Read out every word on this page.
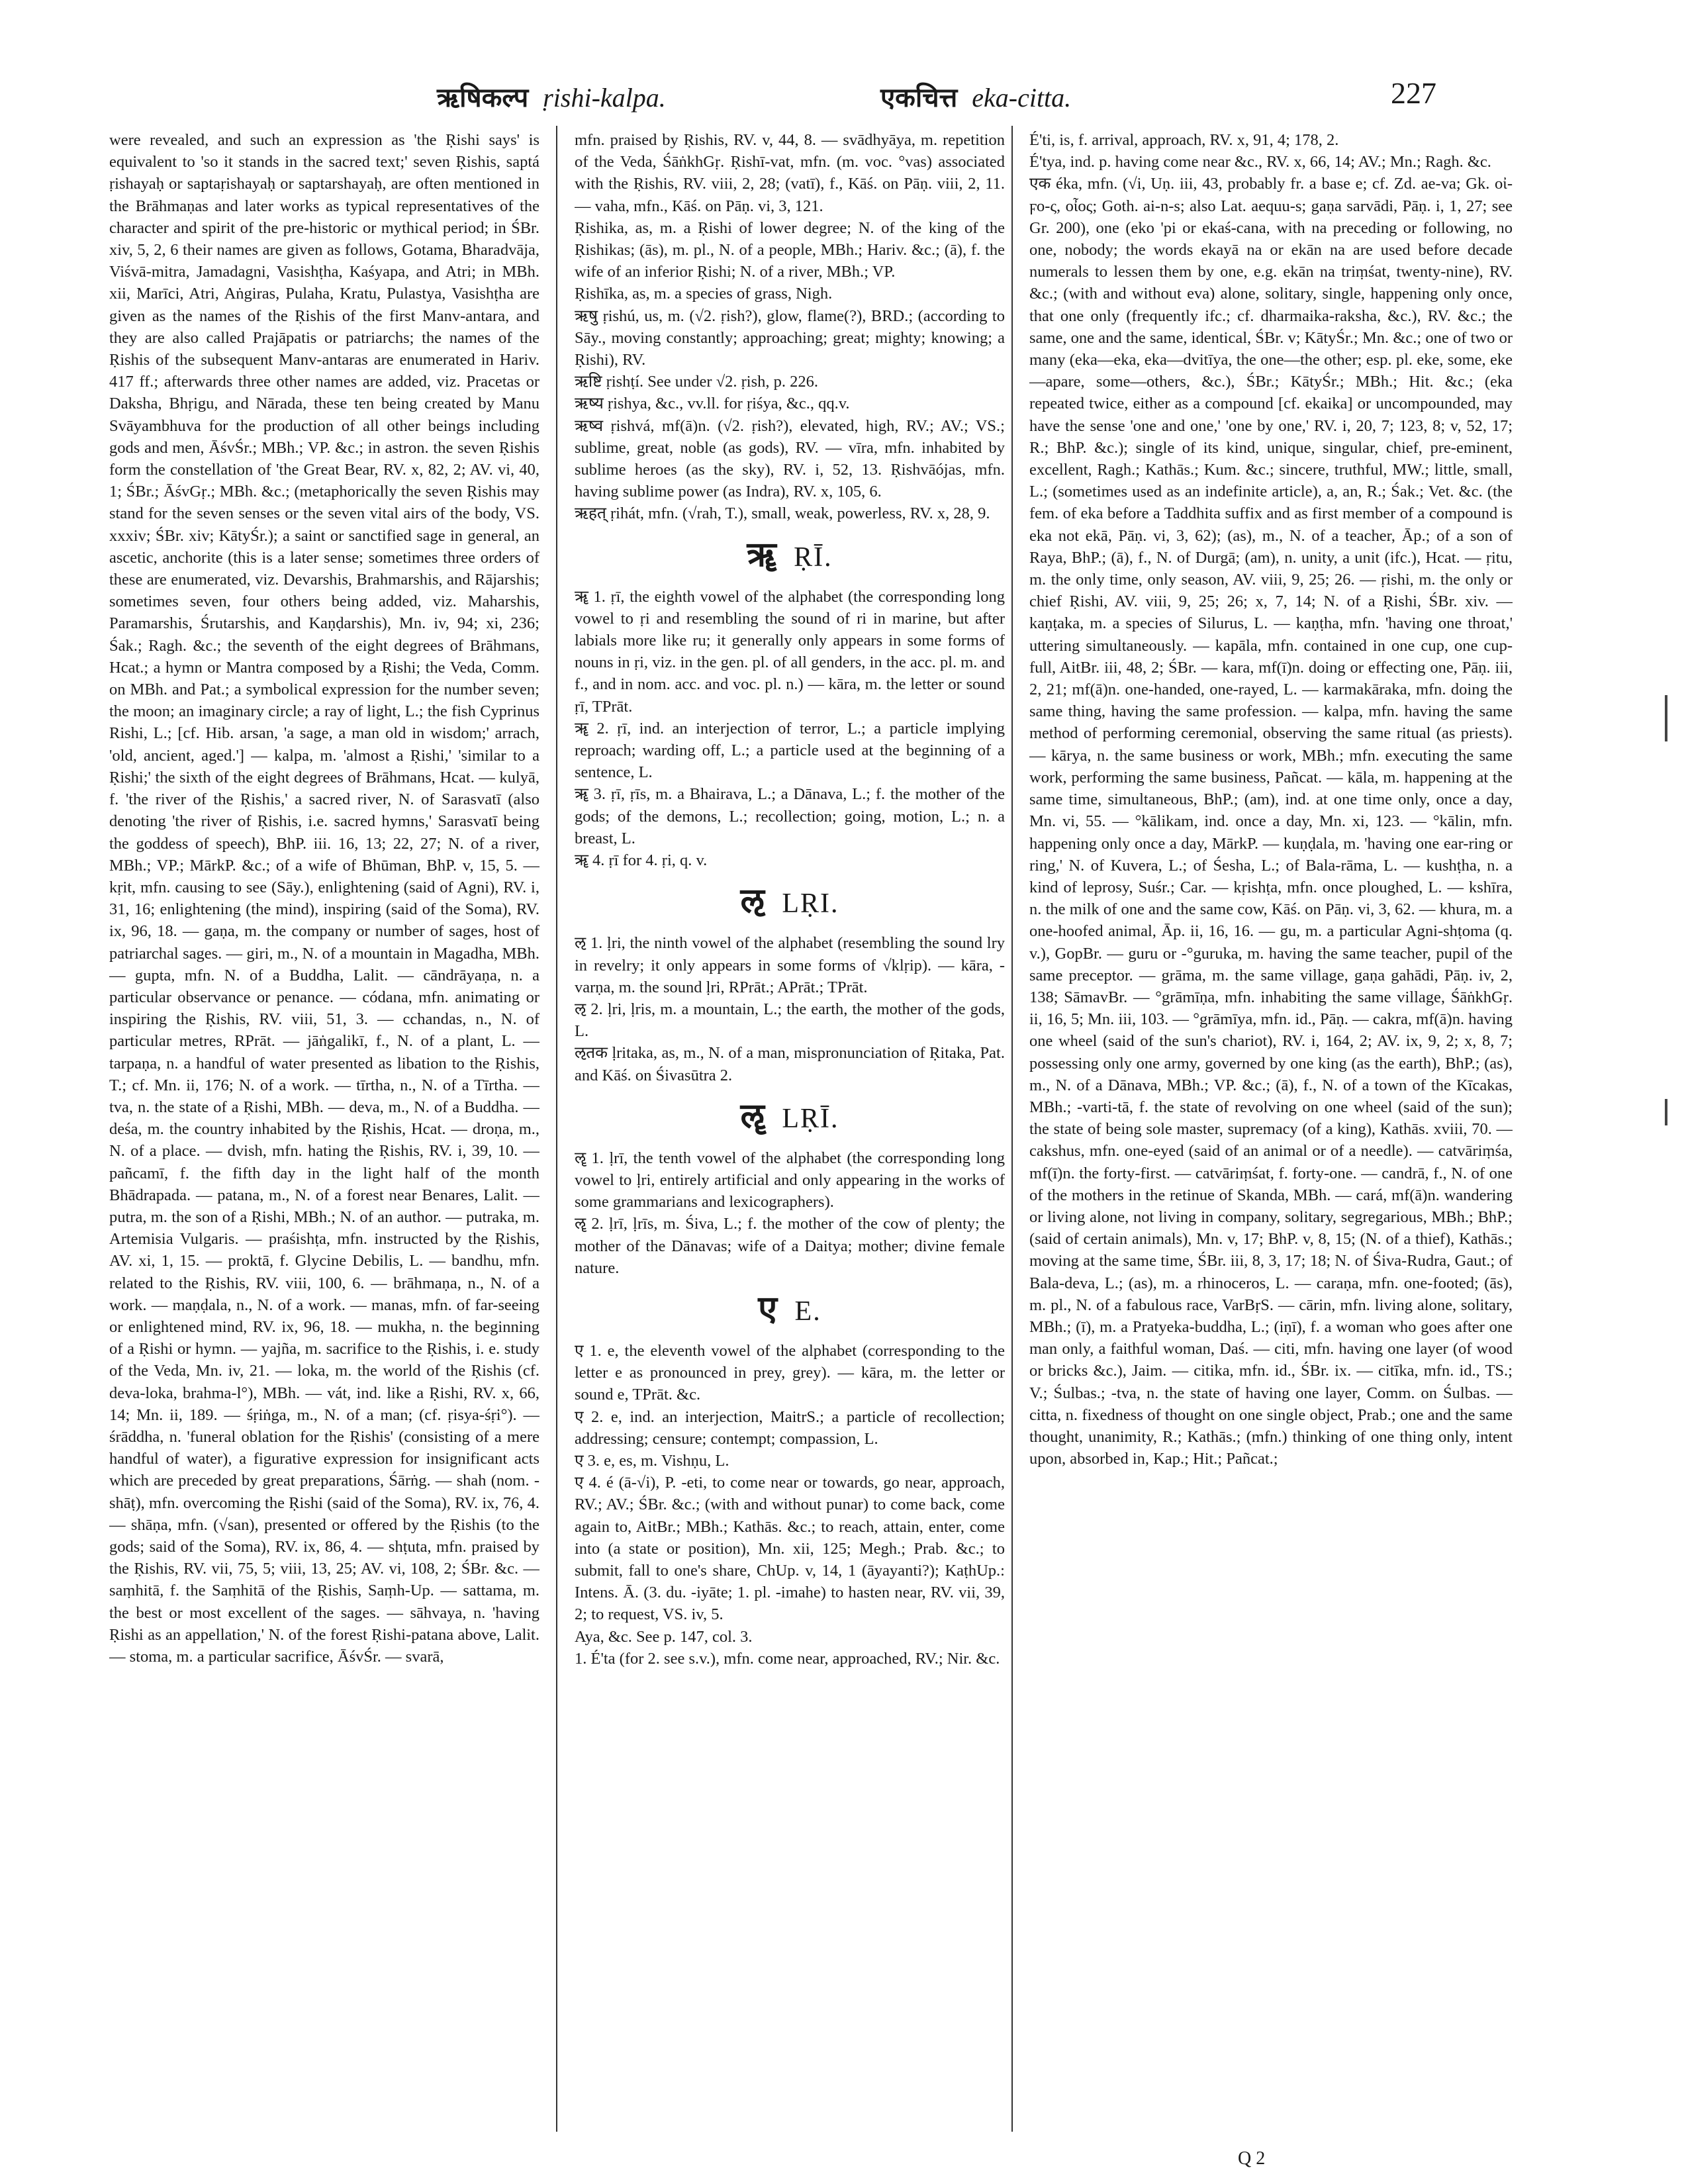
ऋषिकल्प ṛishi-kalpa.	एकचित्त eka-citta.	227

were revealed, and such an expression as 'the Ṛishi says' is equivalent to 'so it stands in the sacred text;' seven Ṛishis, saptá ṛishayaḥ or saptaṛishayaḥ or saptarshayaḥ, are often mentioned in the Brāhmaṇas and later works as typical representatives of the character and spirit of the pre-historic or mythical period; in ŚBr. xiv, 5, 2, 6 their names are given as follows, Gotama, Bharadvāja, Viśvā-mitra, Jamadagni, Vasishṭha, Kaśyapa, and Atri; in MBh. xii, Marīci, Atri, Aṅgiras, Pulaha, Kratu, Pulastya, Vasishṭha are given as the names of the Ṛishis of the first Manv-antara, and they are also called Prajāpatis or patriarchs; the names of the Ṛishis of the subsequent Manv-antaras are enumerated in Hariv. 417 ff.; afterwards three other names are added, viz. Pracetas or Daksha, Bhṛigu, and Nārada, these ten being created by Manu Svāyambhuva for the production of all other beings including gods and men, ĀśvŚr.; MBh.; VP. &c.; in astron. the seven Ṛishis form the constellation of 'the Great Bear, RV. x, 82, 2; AV. vi, 40, 1; ŚBr.; ĀśvGṛ.; MBh. &c.; (metaphorically the seven Ṛishis may stand for the seven senses or the seven vital airs of the body, VS. xxxiv; ŚBr. xiv; KātyŚr.); a saint or sanctified sage in general, an ascetic, anchorite (this is a later sense; sometimes three orders of these are enumerated, viz. Devarshis, Brahmarshis, and Rājarshis; sometimes seven, four others being added, viz. Maharshis, Paramarshis, Śrutarshis, and Kaṇḍarshis), Mn. iv, 94; xi, 236; Śak.; Ragh. &c.; the seventh of the eight degrees of Brāhmans, Hcat.; a hymn or Mantra composed by a Ṛishi; the Veda, Comm. on MBh. and Pat.; a symbolical expression for the number seven; the moon; an imaginary circle; a ray of light, L.; the fish Cyprinus Rishi, L.; [cf. Hib. arsan, 'a sage, a man old in wisdom;' arrach, 'old, ancient, aged.'] — kalpa, m. 'almost a Ṛishi,' 'similar to a Ṛishi;' the sixth of the eight degrees of Brāhmans, Hcat. — kulyā, f. 'the river of the Ṛishis,' a sacred river, N. of Sarasvatī (also denoting 'the river of Ṛishis, i.e. sacred hymns,' Sarasvatī being the goddess of speech), BhP. iii. 16, 13; 22, 27; N. of a river, MBh.; VP.; MārkP. &c.; of a wife of Bhūman, BhP. v, 15, 5. — kṛit, mfn. causing to see (Sāy.), enlightening (said of Agni), RV. i, 31, 16; enlightening (the mind), inspiring (said of the Soma), RV. ix, 96, 18. — gaṇa, m. the company or number of sages, host of patriarchal sages. — giri, m., N. of a mountain in Magadha, MBh. — gupta, mfn. N. of a Buddha, Lalit. — cāndrāyaṇa, n. a particular observance or penance. — códana, mfn. animating or inspiring the Ṛishis, RV. viii, 51, 3. — cchandas, n., N. of particular metres, RPrāt. — jāṅgalikī, f., N. of a plant, L. — tarpaṇa, n. a handful of water presented as libation to the Ṛishis, T.; cf. Mn. ii, 176; N. of a work. — tīrtha, n., N. of a Tīrtha. — tva, n. the state of a Ṛishi, MBh. — deva, m., N. of a Buddha. — deśa, m. the country inhabited by the Ṛishis, Hcat. — droṇa, m., N. of a place. — dvish, mfn. hating the Ṛishis, RV. i, 39, 10. — pañcamī, f. the fifth day in the light half of the month Bhādrapada. — patana, m., N. of a forest near Benares, Lalit. — putra, m. the son of a Ṛishi, MBh.; N. of an author. — putraka, m. Artemisia Vulgaris. — praśishṭa, mfn. instructed by the Ṛishis, AV. xi, 1, 15. — proktā, f. Glycine Debilis, L. — bandhu, mfn. related to the Ṛishis, RV. viii, 100, 6. — brāhmaṇa, n., N. of a work. — maṇḍala, n., N. of a work. — manas, mfn. of far-seeing or enlightened mind, RV. ix, 96, 18. — mukha, n. the beginning of a Ṛishi or hymn. — yajña, m. sacrifice to the Ṛishis, i. e. study of the Veda, Mn. iv, 21. — loka, m. the world of the Ṛishis (cf. deva-loka, brahma-l°), MBh. — vát, ind. like a Ṛishi, RV. x, 66, 14; Mn. ii, 189. — śṛiṅga, m., N. of a man; (cf. ṛisya-śṛi°). — śrāddha, n. 'funeral oblation for the Ṛishis' (consisting of a mere handful of water), a figurative expression for insignificant acts which are preceded by great preparations, Śārṅg. — shah (nom. -shāṭ), mfn. overcoming the Ṛishi (said of the Soma), RV. ix, 76, 4. — shāṇa, mfn. (√san), presented or offered by the Ṛishis (to the gods; said of the Soma), RV. ix, 86, 4. — shṭuta, mfn. praised by the Ṛishis, RV. vii, 75, 5; viii, 13, 25; AV. vi, 108, 2; ŚBr. &c. — saṃhitā, f. the Saṃhitā of the Ṛishis, Saṃh-Up. — sattama, m. the best or most excellent of the sages. — sāhvaya, n. 'having Ṛishi as an appellation,' N. of the forest Ṛishi-patana above, Lalit. — stoma, m. a particular sacrifice, ĀśvŚr. — svarā,

mfn. praised by Ṛishis, RV. v, 44, 8. — svādhyāya, m. repetition of the Veda, ŚāṅkhGṛ. Ṛishī-vat, mfn. (m. voc. °vas) associated with the Ṛishis, RV. viii, 2, 28; (vatī), f., Kāś. on Pāṇ. viii, 2, 11. — vaha, mfn., Kāś. on Pāṇ. vi, 3, 121.

Ṛishika, as, m. a Ṛishi of lower degree; N. of the king of the Ṛishikas; (ās), m. pl., N. of a people, MBh.; Hariv. &c.; (ā), f. the wife of an inferior Ṛishi; N. of a river, MBh.; VP.

Ṛishīka, as, m. a species of grass, Nigh.

ऋषु ṛishú, us, m. (√2. ṛish?), glow, flame(?), BRD.; (according to Sāy., moving constantly; approaching; great; mighty; knowing; a Ṛishi), RV.

ऋष्टि ṛishṭí. See under √2. ṛish, p. 226.

ऋष्य ṛishya, &c., vv.ll. for ṛiśya, &c., qq.v.

ऋष्व ṛishvá, mf(ā)n. (√2. ṛish?), elevated, high, RV.; AV.; VS.; sublime, great, noble (as gods), RV. — vīra, mfn. inhabited by sublime heroes (as the sky), RV. i, 52, 13. Ṛishvāójas, mfn. having sublime power (as Indra), RV. x, 105, 6.

ऋहत् ṛihát, mfn. (√rah, T.), small, weak, powerless, RV. x, 28, 9.

ॠ ṚĪ.

ॠ 1. ṛī, the eighth vowel of the alphabet (the corresponding long vowel to ṛi and resembling the sound of ri in marine, but after labials more like ru; it generally only appears in some forms of nouns in ṛi, viz. in the gen. pl. of all genders, in the acc. pl. m. and f., and in nom. acc. and voc. pl. n.) — kāra, m. the letter or sound ṛī, TPrāt.

ॠ 2. ṛī, ind. an interjection of terror, L.; a particle implying reproach; warding off, L.; a particle used at the beginning of a sentence, L.

ॠ 3. ṛī, ṛīs, m. a Bhairava, L.; a Dānava, L.; f. the mother of the gods; of the demons, L.; recollection; going, motion, L.; n. a breast, L.

ॠ 4. ṛī for 4. ṛi, q. v.

ऌ LṚI.

ऌ 1. ḷri, the ninth vowel of the alphabet (resembling the sound lry in revelry; it only appears in some forms of √klṛip). — kāra, -varṇa, m. the sound ḷri, RPrāt.; APrāt.; TPrāt.

ऌ 2. ḷri, ḷris, m. a mountain, L.; the earth, the mother of the gods, L.

ऌतक ḷritaka, as, m., N. of a man, mispronunciation of Ṛitaka, Pat. and Kāś. on Śivasūtra 2.

ॡ LṚĪ.

ॡ 1. ḷrī, the tenth vowel of the alphabet (the corresponding long vowel to ḷri, entirely artificial and only appearing in the works of some grammarians and lexicographers).

ॡ 2. ḷrī, ḷrīs, m. Śiva, L.; f. the mother of the cow of plenty; the mother of the Dānavas; wife of a Daitya; mother; divine female nature.

ए E.

ए 1. e, the eleventh vowel of the alphabet (corresponding to the letter e as pronounced in prey, grey). — kāra, m. the letter or sound e, TPrāt. &c.

ए 2. e, ind. an interjection, MaitrS.; a particle of recollection; addressing; censure; contempt; compassion, L.

ए 3. e, es, m. Vishṇu, L.

ए 4. é (ā-√i), P. -eti, to come near or towards, go near, approach, RV.; AV.; ŚBr. &c.; (with and without punar) to come back, come again to, AitBr.; MBh.; Kathās. &c.; to reach, attain, enter, come into (a state or position), Mn. xii, 125; Megh.; Prab. &c.; to submit, fall to one's share, ChUp. v, 14, 1 (āyayanti?); KaṭhUp.: Intens. Ā. (3. du. -iyāte; 1. pl. -imahe) to hasten near, RV. vii, 39, 2; to request, VS. iv, 5.

Aya, &c. See p. 147, col. 3.

1. É'ta (for 2. see s.v.), mfn. come near, approached, RV.; Nir. &c.

É'ti, is, f. arrival, approach, RV. x, 91, 4; 178, 2.

É'tya, ind. p. having come near &c., RV. x, 66, 14; AV.; Mn.; Ragh. &c.

एक éka, mfn. (√i, Uṇ. iii, 43, probably fr. a base e; cf. Zd. ae-va; Gk. οἰ-ϝο-ς, οἶος; Goth. ai-n-s; also Lat. aequu-s; gaṇa sarvādi, Pāṇ. i, 1, 27; see Gr. 200), one (eko 'pi or ekaś-cana, with na preceding or following, no one, nobody; the words ekayā na or ekān na are used before decade numerals to lessen them by one, e.g. ekān na triṃśat, twenty-nine), RV. &c.; (with and without eva) alone, solitary, single, happening only once, that one only (frequently ifc.; cf. dharmaika-raksha, &c.), RV. &c.; the same, one and the same, identical, ŚBr. v; KātyŚr.; Mn. &c.; one of two or many (eka—eka, eka—dvitīya, the one—the other; esp. pl. eke, some, eke —apare, some—others, &c.), ŚBr.; KātyŚr.; MBh.; Hit. &c.; (eka repeated twice, either as a compound [cf. ekaika] or uncompounded, may have the sense 'one and one,' 'one by one,' RV. i, 20, 7; 123, 8; v, 52, 17; R.; BhP. &c.); single of its kind, unique, singular, chief, pre-eminent, excellent, Ragh.; Kathās.; Kum. &c.; sincere, truthful, MW.; little, small, L.; (sometimes used as an indefinite article), a, an, R.; Śak.; Vet. &c. (the fem. of eka before a Taddhita suffix and as first member of a compound is eka not ekā, Pāṇ. vi, 3, 62); (as), m., N. of a teacher, Āp.; of a son of Raya, BhP.; (ā), f., N. of Durgā; (am), n. unity, a unit (ifc.), Hcat. — ṛitu, m. the only time, only season, AV. viii, 9, 25; 26. — ṛishi, m. the only or chief Ṛishi, AV. viii, 9, 25; 26; x, 7, 14; N. of a Ṛishi, ŚBr. xiv. — kaṇṭaka, m. a species of Silurus, L. — kaṇṭha, mfn. 'having one throat,' uttering simultaneously. — kapāla, mfn. contained in one cup, one cup-full, AitBr. iii, 48, 2; ŚBr. — kara, mf(ī)n. doing or effecting one, Pāṇ. iii, 2, 21; mf(ā)n. one-handed, one-rayed, L. — karmakāraka, mfn. doing the same thing, having the same profession. — kalpa, mfn. having the same method of performing ceremonial, observing the same ritual (as priests). — kārya, n. the same business or work, MBh.; mfn. executing the same work, performing the same business, Pañcat. — kāla, m. happening at the same time, simultaneous, BhP.; (am), ind. at one time only, once a day, Mn. vi, 55. — °kālikam, ind. once a day, Mn. xi, 123. — °kālin, mfn. happening only once a day, MārkP. — kuṇḍala, m. 'having one ear-ring or ring,' N. of Kuvera, L.; of Śesha, L.; of Bala-rāma, L. — kushṭha, n. a kind of leprosy, Suśr.; Car. — kṛishṭa, mfn. once ploughed, L. — kshīra, n. the milk of one and the same cow, Kāś. on Pāṇ. vi, 3, 62. — khura, m. a one-hoofed animal, Āp. ii, 16, 16. — gu, m. a particular Agni-shṭoma (q. v.), GopBr. — guru or -°guruka, m. having the same teacher, pupil of the same preceptor. — grāma, m. the same village, gaṇa gahādi, Pāṇ. iv, 2, 138; SāmavBr. — °grāmīṇa, mfn. inhabiting the same village, ŚāṅkhGṛ. ii, 16, 5; Mn. iii, 103. — °grāmīya, mfn. id., Pāṇ. — cakra, mf(ā)n. having one wheel (said of the sun's chariot), RV. i, 164, 2; AV. ix, 9, 2; x, 8, 7; possessing only one army, governed by one king (as the earth), BhP.; (as), m., N. of a Dānava, MBh.; VP. &c.; (ā), f., N. of a town of the Kīcakas, MBh.; -varti-tā, f. the state of revolving on one wheel (said of the sun); the state of being sole master, supremacy (of a king), Kathās. xviii, 70. — cakshus, mfn. one-eyed (said of an animal or of a needle). — catvāriṃśa, mf(ī)n. the forty-first. — catvāriṃśat, f. forty-one. — candrā, f., N. of one of the mothers in the retinue of Skanda, MBh. — cará, mf(ā)n. wandering or living alone, not living in company, solitary, segregarious, MBh.; BhP.; (said of certain animals), Mn. v, 17; BhP. v, 8, 15; (N. of a thief), Kathās.; moving at the same time, ŚBr. iii, 8, 3, 17; 18; N. of Śiva-Rudra, Gaut.; of Bala-deva, L.; (as), m. a rhinoceros, L. — caraṇa, mfn. one-footed; (ās), m. pl., N. of a fabulous race, VarBṛS. — cārin, mfn. living alone, solitary, MBh.; (ī), m. a Pratyeka-buddha, L.; (iṇī), f. a woman who goes after one man only, a faithful woman, Daś. — citi, mfn. having one layer (of wood or bricks &c.), Jaim. — citika, mfn. id., ŚBr. ix. — citīka, mfn. id., TS.; V.; Śulbas.; -tva, n. the state of having one layer, Comm. on Śulbas. — citta, n. fixedness of thought on one single object, Prab.; one and the same thought, unanimity, R.; Kathās.; (mfn.) thinking of one thing only, intent upon, absorbed in, Kap.; Hit.; Pañcat.;

Q 2
